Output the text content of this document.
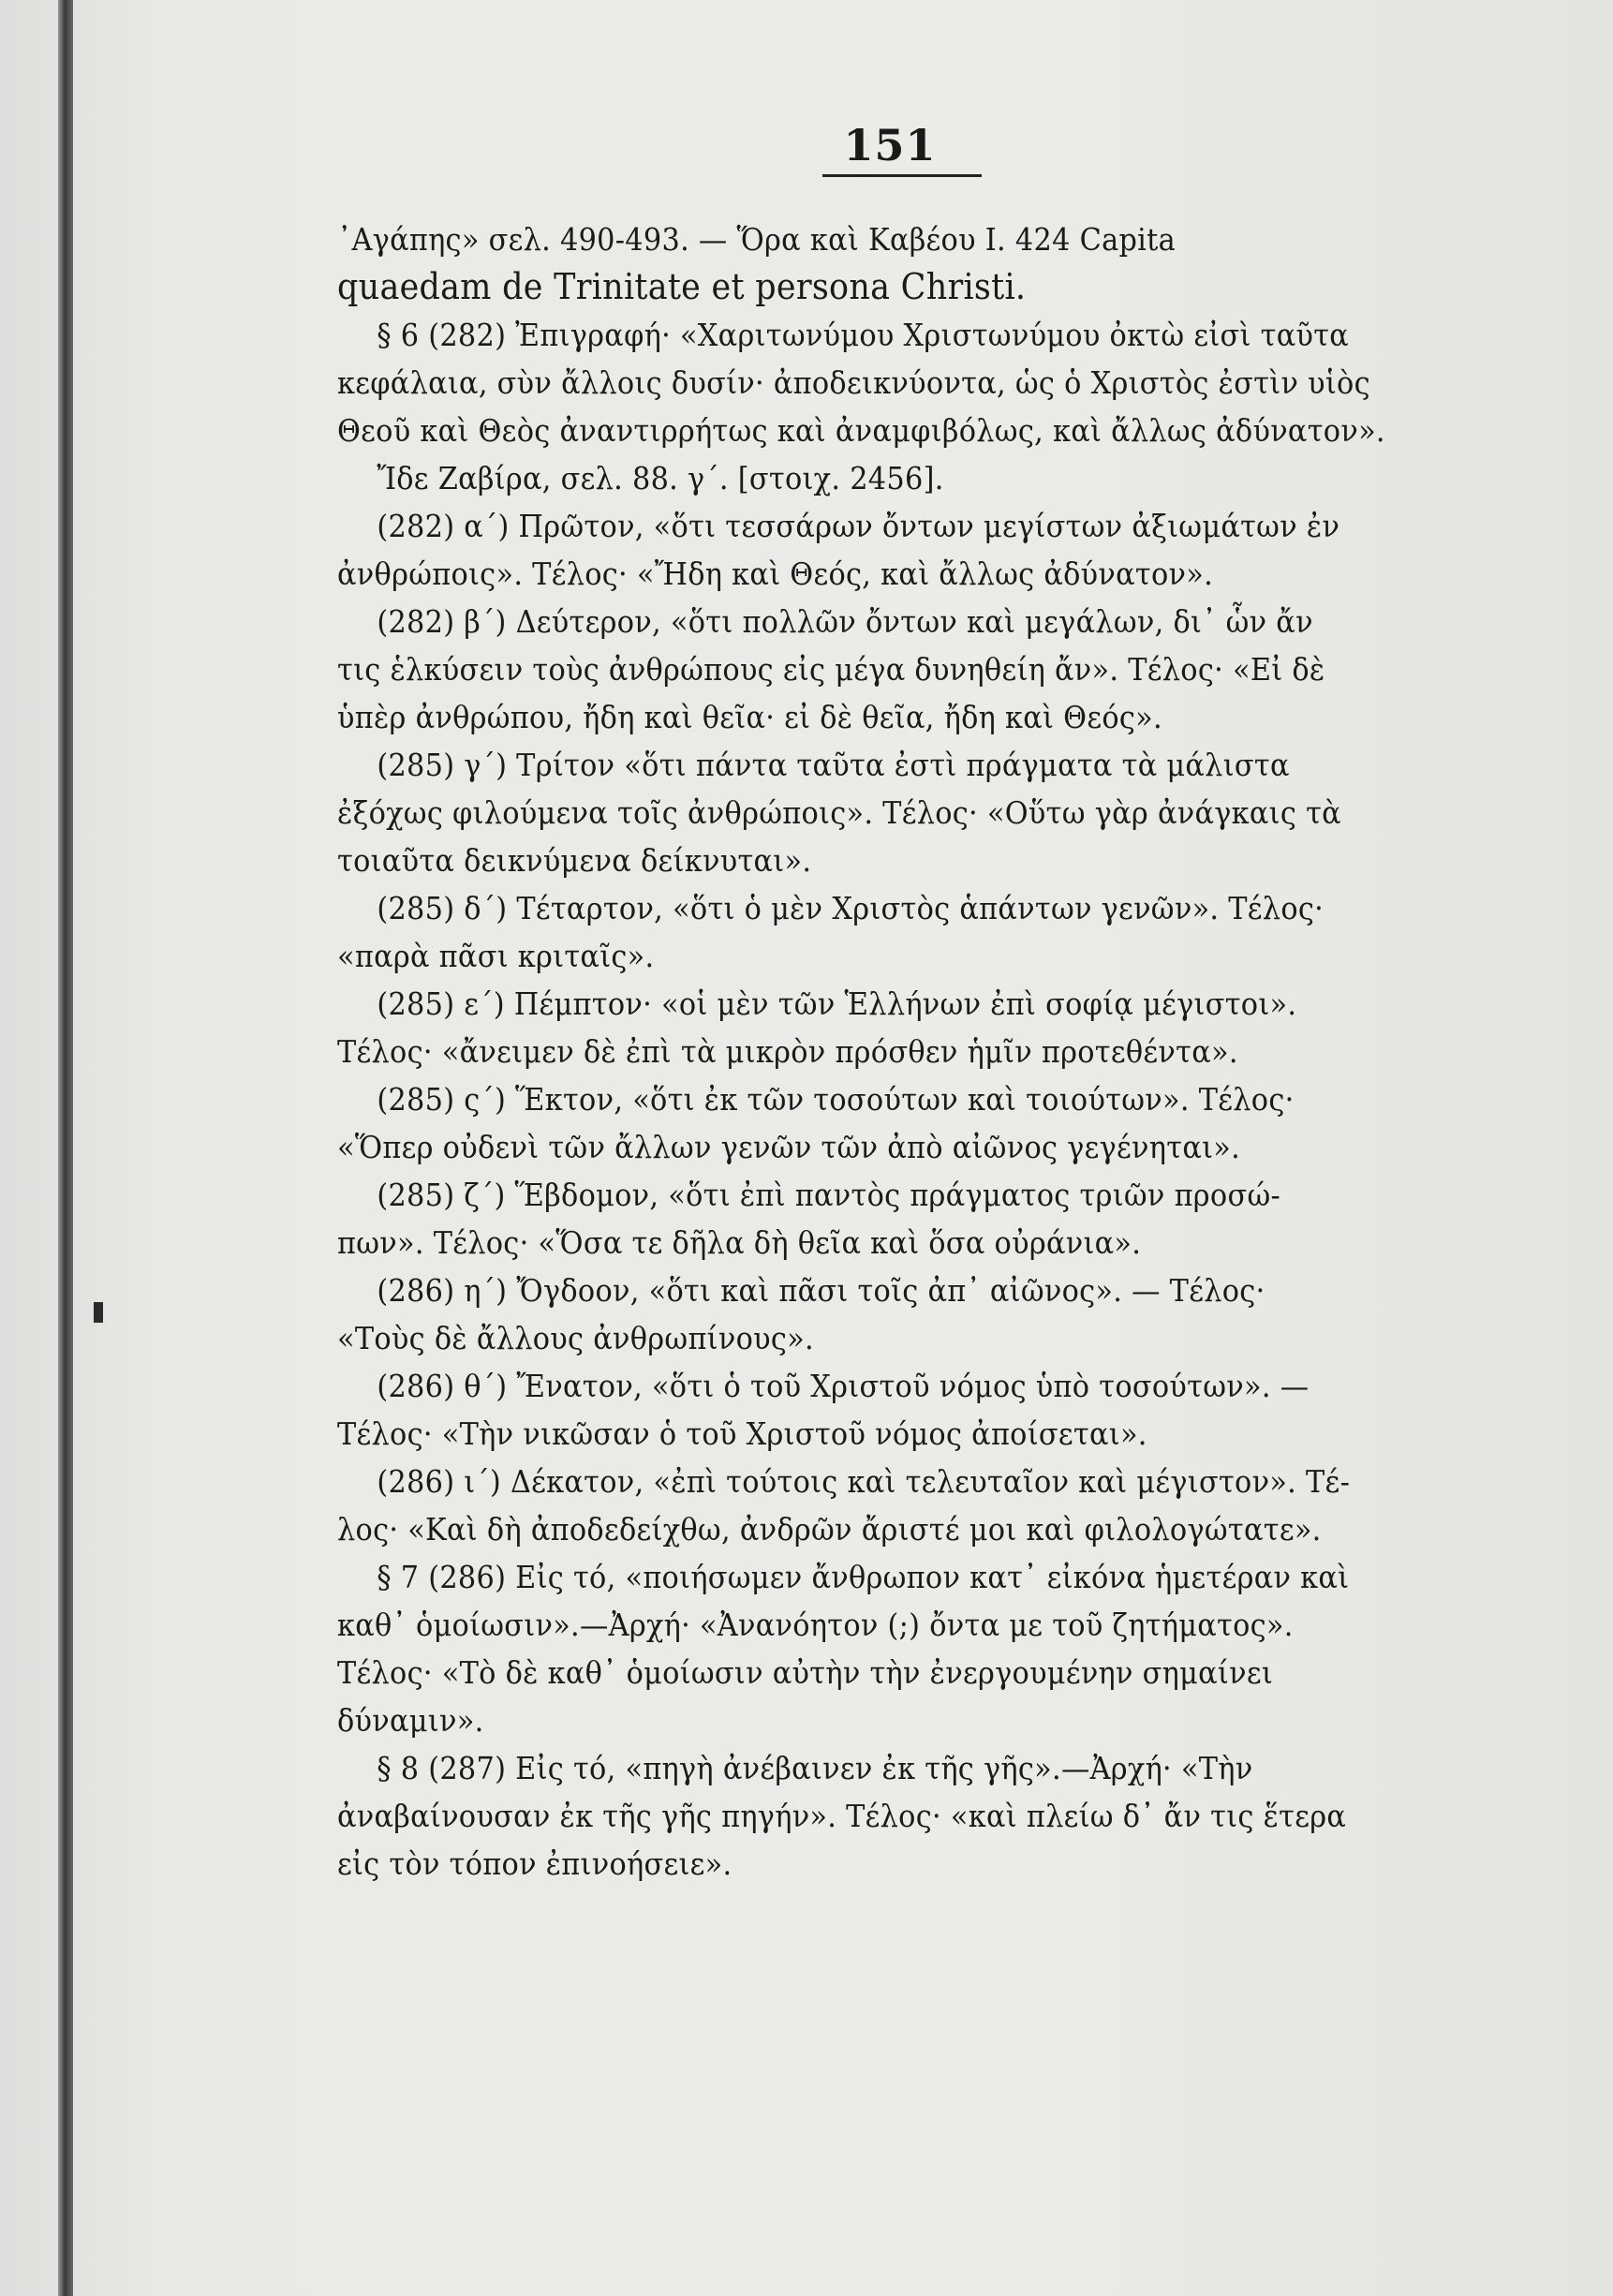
151
᾽Αγάπης» σελ. 490-493. — Ὅρα καὶ Καβέου Ι. 424 Capita
quaedam de Trinitate et persona Christi.
§ 6 (282) Ἐπιγραφή· «Χαριτωνύμου Χριστωνύμου ὀκτὼ εἰσὶ ταῦτα
κεφάλαια, σὺν ἄλλοις δυσίν· ἀποδεικνύοντα, ὡς ὁ Χριστὸς ἐστὶν υἱὸς
Θεοῦ καὶ Θεὸς ἀναντιρρήτως καὶ ἀναμφιβόλως, καὶ ἄλλως ἀδύνατον».
Ἴδε Ζαβίρα, σελ. 88. γ΄. [στοιχ. 2456].
(282) α΄) Πρῶτον, «ὅτι τεσσάρων ὄντων μεγίστων ἀξιωμάτων ἐν
ἀνθρώποις». Τέλος· «Ἤδη καὶ Θεός, καὶ ἄλλως ἀδύνατον».
(282) β΄) Δεύτερον, «ὅτι πολλῶν ὄντων καὶ μεγάλων, δι᾽ ὧν ἄν
τις ἑλκύσειν τοὺς ἀνθρώπους εἰς μέγα δυνηθείη ἄν». Τέλος· «Εἰ δὲ
ὑπὲρ ἀνθρώπου, ἤδη καὶ θεῖα· εἰ δὲ θεῖα, ἤδη καὶ Θεός».
(285) γ΄) Τρίτον «ὅτι πάντα ταῦτα ἐστὶ πράγματα τὰ μάλιστα
ἐξόχως φιλούμενα τοῖς ἀνθρώποις». Τέλος· «Οὕτω γὰρ ἀνάγκαις τὰ
τοιαῦτα δεικνύμενα δείκνυται».
(285) δ΄) Τέταρτον, «ὅτι ὁ μὲν Χριστὸς ἁπάντων γενῶν». Τέλος·
«παρὰ πᾶσι κριταῖς».
(285) ε΄) Πέμπτον· «οἱ μὲν τῶν Ἑλλήνων ἐπὶ σοφίᾳ μέγιστοι».
Τέλος· «ἄνειμεν δὲ ἐπὶ τὰ μικρὸν πρόσθεν ἡμῖν προτεθέντα».
(285) ς΄) Ἕκτον, «ὅτι ἐκ τῶν τοσούτων καὶ τοιούτων». Τέλος·
«Ὅπερ οὐδενὶ τῶν ἄλλων γενῶν τῶν ἀπὸ αἰῶνος γεγένηται».
(285) ζ΄) Ἕβδομον, «ὅτι ἐπὶ παντὸς πράγματος τριῶν προσώ-
πων». Τέλος· «Ὅσα τε δῆλα δὴ θεῖα καὶ ὅσα οὐράνια».
(286) η΄) Ὄγδοον, «ὅτι καὶ πᾶσι τοῖς ἀπ᾽ αἰῶνος». — Τέλος·
«Τοὺς δὲ ἄλλους ἀνθρωπίνους».
(286) θ΄) Ἔνατον, «ὅτι ὁ τοῦ Χριστοῦ νόμος ὑπὸ τοσούτων». —
Τέλος· «Τὴν νικῶσαν ὁ τοῦ Χριστοῦ νόμος ἀποίσεται».
(286) ι΄) Δέκατον, «ἐπὶ τούτοις καὶ τελευταῖον καὶ μέγιστον». Τέ-
λος· «Καὶ δὴ ἀποδεδείχθω, ἀνδρῶν ἄριστέ μοι καὶ φιλολογώτατε».
§ 7 (286) Εἰς τό, «ποιήσωμεν ἄνθρωπον κατ᾽ εἰκόνα ἡμετέραν καὶ
καθ᾽ ὁμοίωσιν».—Ἀρχή· «Ἀνανόητον (;) ὄντα με τοῦ ζητήματος».
Τέλος· «Τὸ δὲ καθ᾽ ὁμοίωσιν αὐτὴν τὴν ἐνεργουμένην σημαίνει
δύναμιν».
§ 8 (287) Εἰς τό, «πηγὴ ἀνέβαινεν ἐκ τῆς γῆς».—Ἀρχή· «Τὴν
ἀναβαίνουσαν ἐκ τῆς γῆς πηγήν». Τέλος· «καὶ πλείω δ᾽ ἄν τις ἕτερα
εἰς τὸν τόπον ἐπινοήσειε».
